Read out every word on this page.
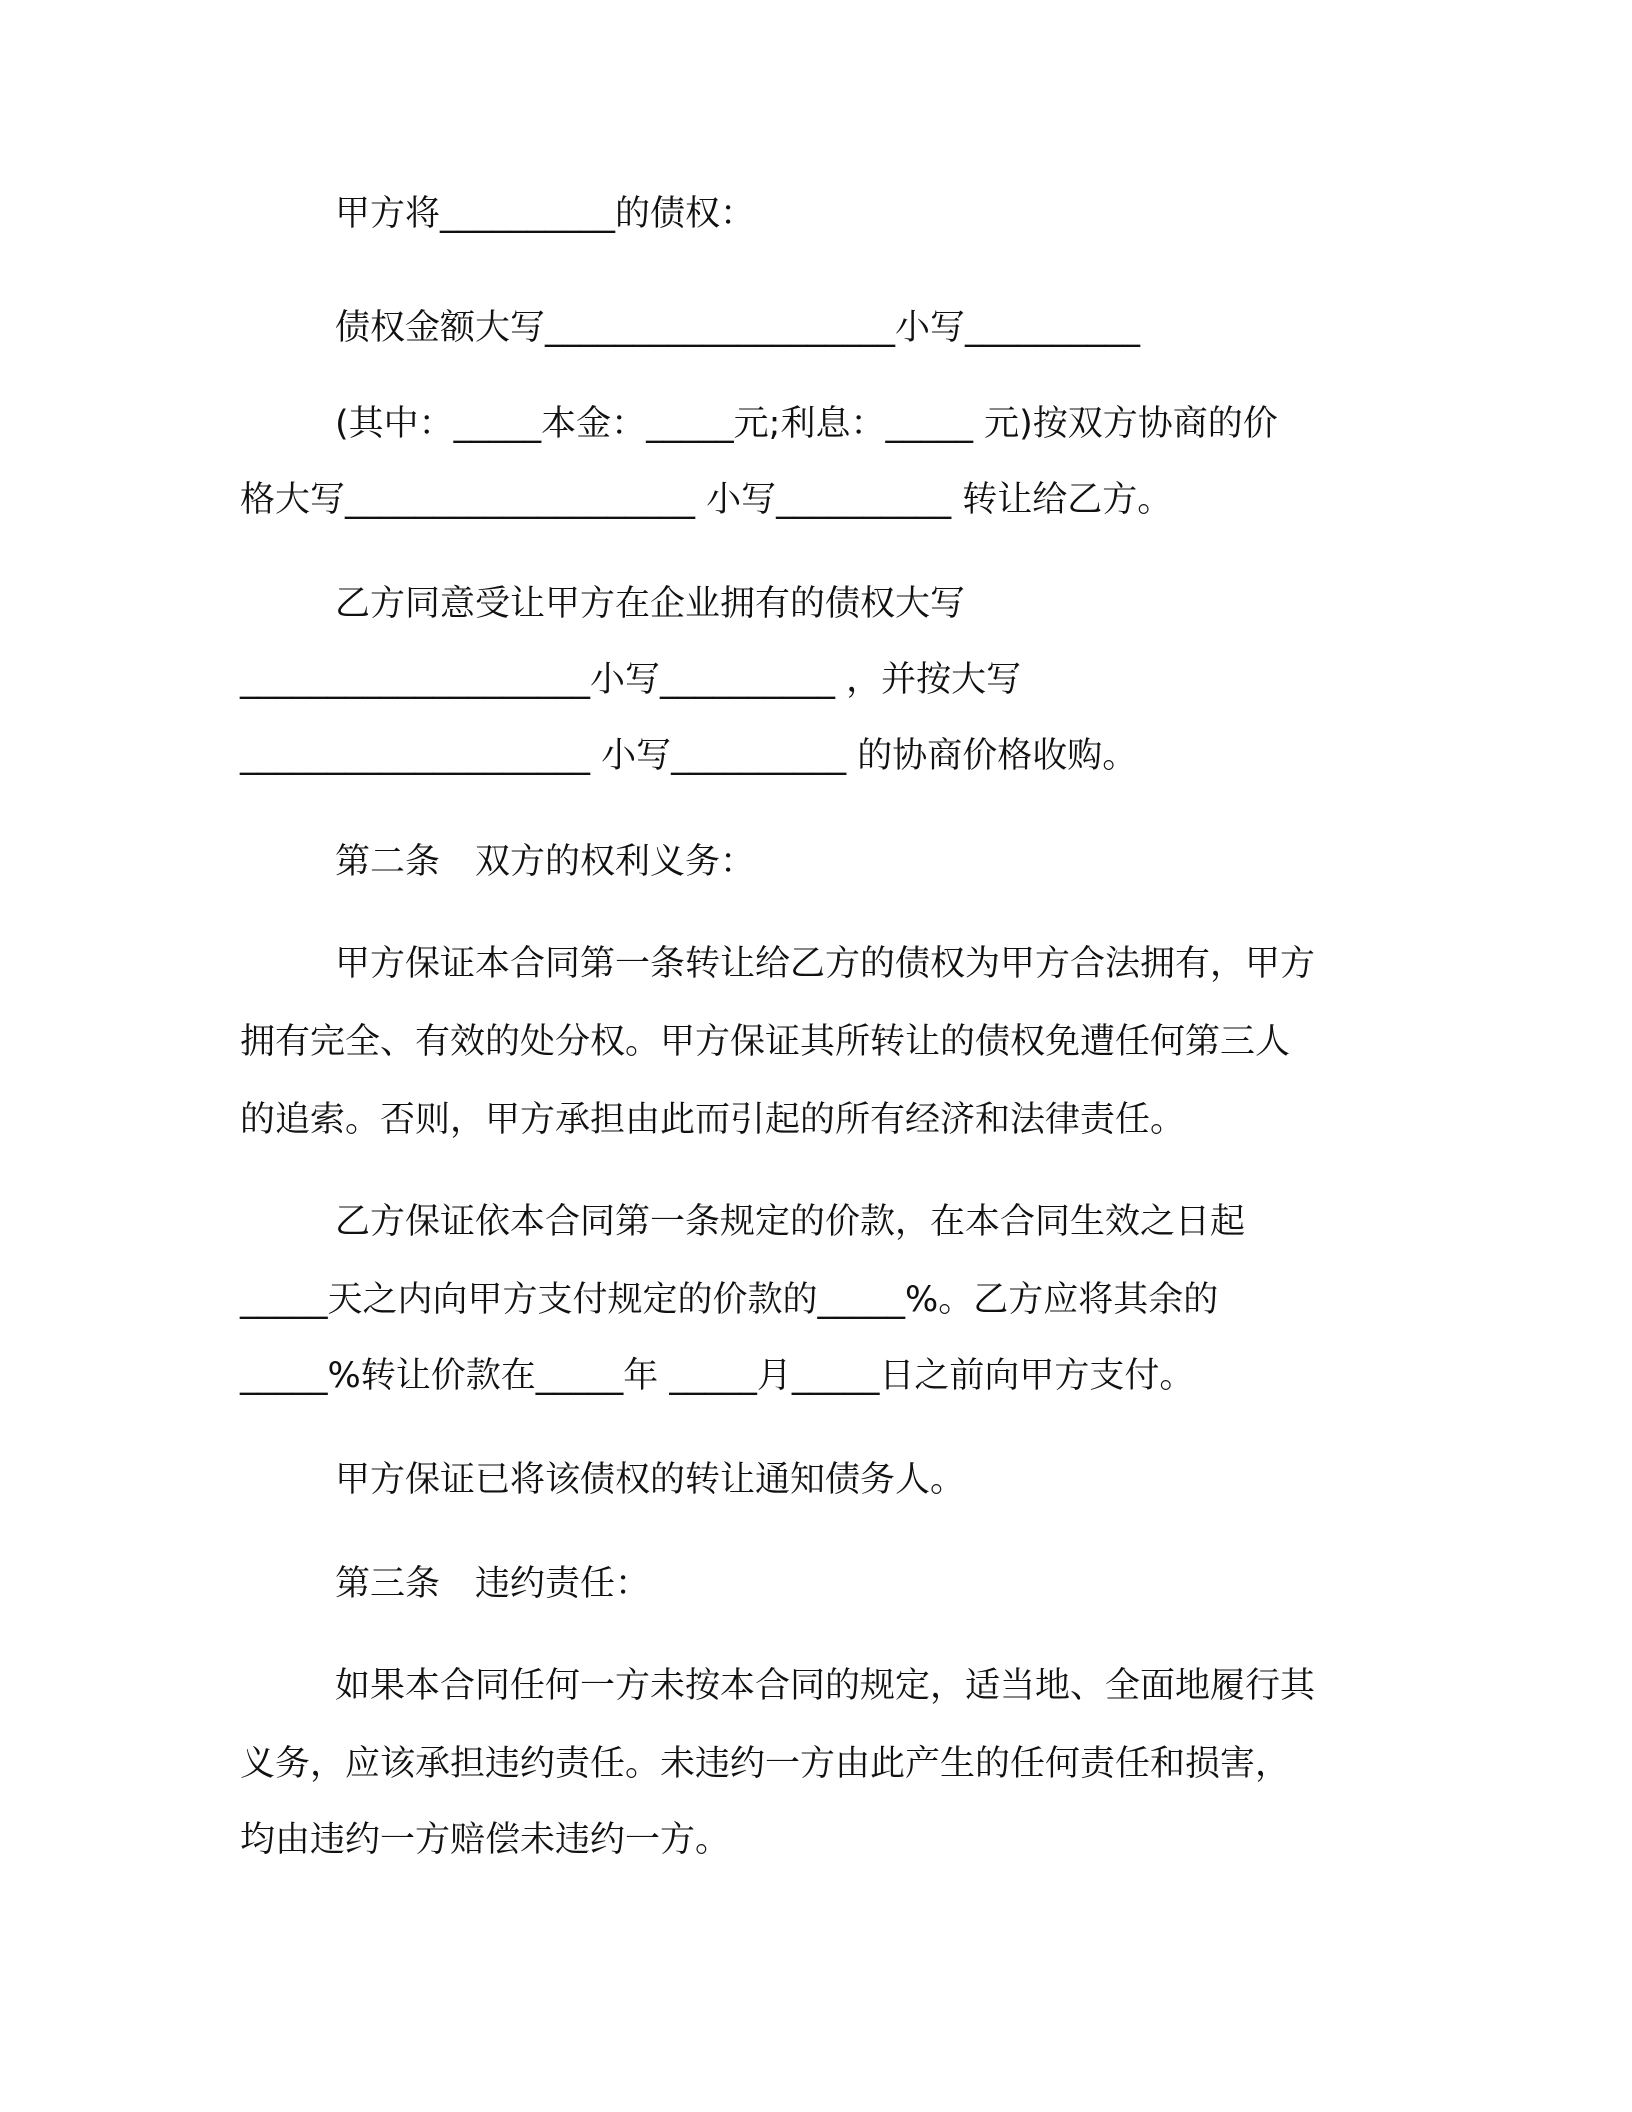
甲方将__________的债权：
债权金额大写____________________小写__________
(其中：_____本金：_____元;利息：_____ 元)按双方协商的价
格大写____________________ 小写__________ 转让给乙方。
乙方同意受让甲方在企业拥有的债权大写
____________________小写__________ ，并按大写
____________________ 小写__________ 的协商价格收购。
第二条　双方的权利义务：
甲方保证本合同第一条转让给乙方的债权为甲方合法拥有，甲方
拥有完全、有效的处分权。甲方保证其所转让的债权免遭任何第三人
的追索。否则，甲方承担由此而引起的所有经济和法律责任。
乙方保证依本合同第一条规定的价款，在本合同生效之日起
_____天之内向甲方支付规定的价款的_____%。乙方应将其余的
_____%转让价款在_____年 _____月_____日之前向甲方支付。
甲方保证已将该债权的转让通知债务人。
第三条　违约责任：
如果本合同任何一方未按本合同的规定，适当地、全面地履行其
义务，应该承担违约责任。未违约一方由此产生的任何责任和损害，
均由违约一方赔偿未违约一方。
